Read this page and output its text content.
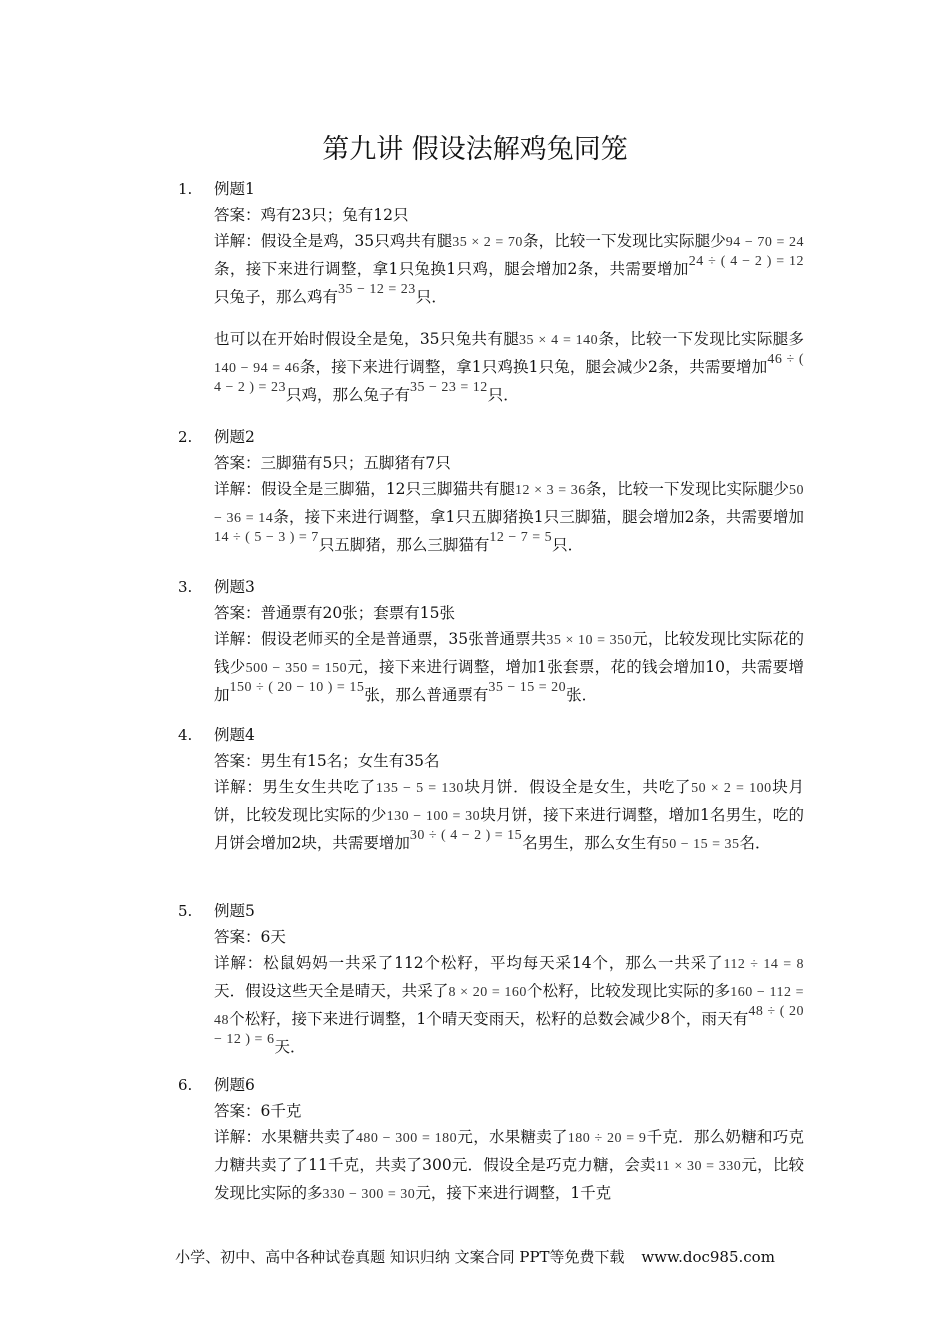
第九讲 假设法解鸡兔同笼
1.	例题1
答案：鸡有23只；兔有12只

详解：假设全是鸡，35只鸡共有腿35 × 2 = 70条，比较一下发现比实际腿少94 − 70 = 24条，接下来进行调整，拿1只兔换1只鸡，腿会增加2条，共需要增加24 ÷ ( 4 − 2 ) = 12只兔子，那么鸡有35 − 12 = 23只．

也可以在开始时假设全是兔，35只兔共有腿35 × 4 = 140条，比较一下发现比实际腿多140 − 94 = 46条，接下来进行调整，拿1只鸡换1只兔，腿会减少2条，共需要增加46 ÷ ( 4 − 2 ) = 23只鸡，那么兔子有35 − 23 = 12只．

2.	例题2
答案：三脚猫有5只；五脚猪有7只

详解：假设全是三脚猫，12只三脚猫共有腿12 × 3 = 36条，比较一下发现比实际腿少50 − 36 = 14条，接下来进行调整，拿1只五脚猪换1只三脚猫，腿会增加2条，共需要增加14 ÷ ( 5 − 3 ) = 7只五脚猪，那么三脚猫有12 − 7 = 5只．

3.	例题3
答案：普通票有20张；套票有15张

详解：假设老师买的全是普通票，35张普通票共35 × 10 = 350元，比较发现比实际花的钱少500 − 350 = 150元，接下来进行调整，增加1张套票，花的钱会增加10，共需要增加150 ÷ ( 20 − 10 ) = 15张，那么普通票有35 − 15 = 20张．

4.	例题4
答案：男生有15名；女生有35名

详解：男生女生共吃了135 − 5 = 130块月饼．假设全是女生，共吃了50 × 2 = 100块月饼，比较发现比实际的少130 − 100 = 30块月饼，接下来进行调整，增加1名男生，吃的月饼会增加2块，共需要增加30 ÷ ( 4 − 2 ) = 15名男生，那么女生有50 − 15 = 35名．

5.	例题5
答案：6天

详解：松鼠妈妈一共采了112个松籽，平均每天采14个，那么一共采了112 ÷ 14 = 8天．假设这些天全是晴天，共采了8 × 20 = 160个松籽，比较发现比实际的多160 − 112 = 48个松籽，接下来进行调整，1个晴天变雨天，松籽的总数会减少8个，雨天有48 ÷ ( 20 − 12 ) = 6天．

6.	例题6
答案：6千克

详解：水果糖共卖了480 − 300 = 180元，水果糖卖了180 ÷ 20 = 9千克．那么奶糖和巧克力糖共卖了了11千克，共卖了300元．假设全是巧克力糖，会卖11 × 30 = 330元，比较发现比实际的多330 − 300 = 30元，接下来进行调整，1千克

小学、初中、高中各种试卷真题 知识归纳 文案合同 PPT等免费下载 www.doc985.com
